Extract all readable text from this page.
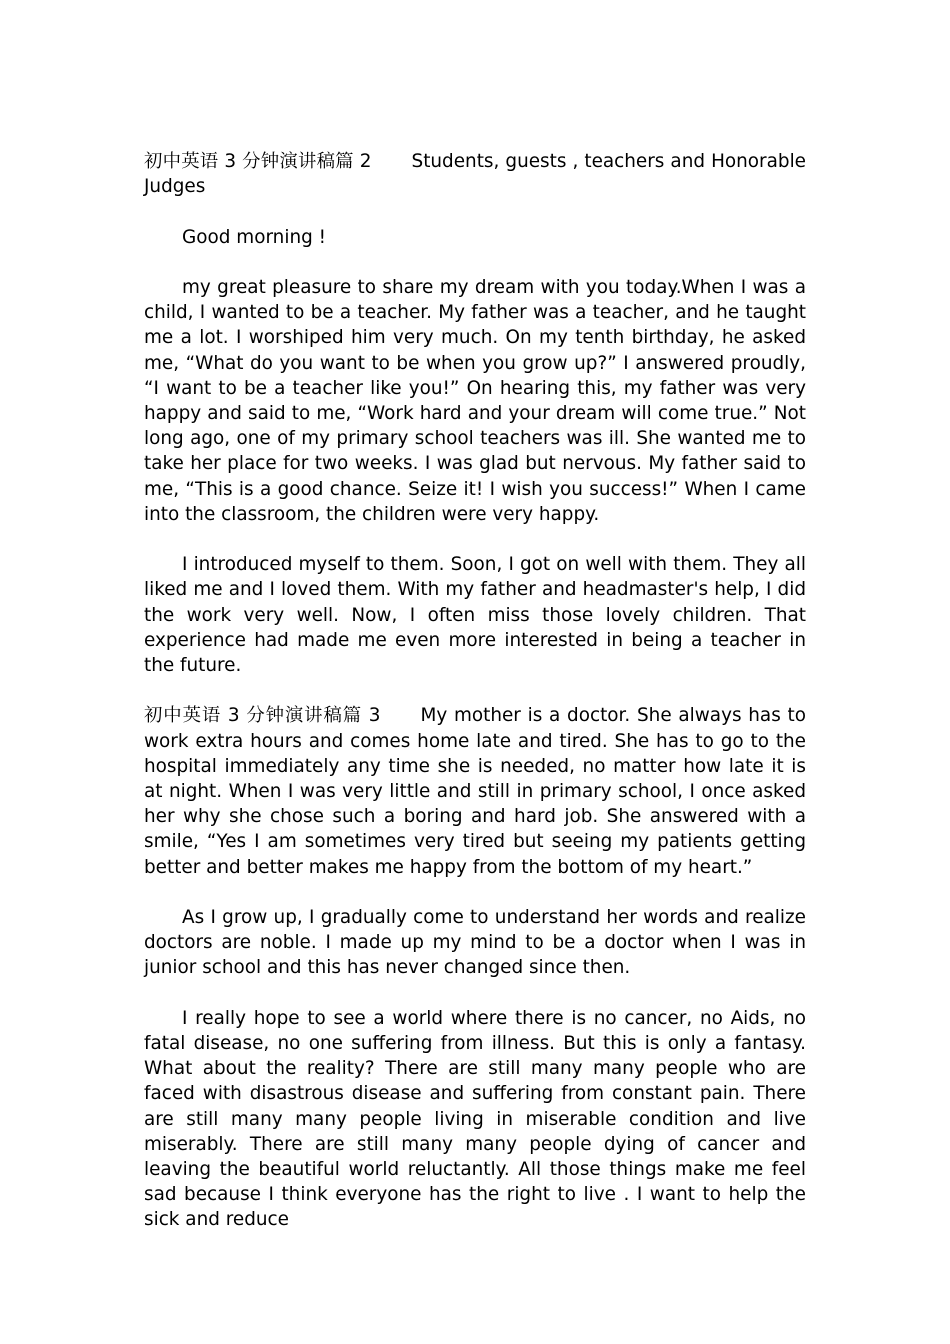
初中英语 3 分钟演讲稿篇 2 Students, guests , teachers and Honorable Judges

Good morning !

my great pleasure to share my dream with you today.When I was a child, I wanted to be a teacher. My father was a teacher, and he taught me a lot. I worshiped him very much. On my tenth birthday, he asked me, “What do you want to be when you grow up?” I answered proudly, “I want to be a teacher like you!” On hearing this, my father was very happy and said to me, “Work hard and your dream will come true.” Not long ago, one of my primary school teachers was ill. She wanted me to take her place for two weeks. I was glad but nervous. My father said to me, “This is a good chance. Seize it! I wish you success!” When I came into the classroom, the children were very happy.

I introduced myself to them. Soon, I got on well with them. They all liked me and I loved them. With my father and headmaster's help, I did the work very well. Now, I often miss those lovely children. That experience had made me even more interested in being a teacher in the future.

初中英语 3 分钟演讲稿篇 3 My mother is a doctor. She always has to work extra hours and comes home late and tired. She has to go to the hospital immediately any time she is needed, no matter how late it is at night. When I was very little and still in primary school, I once asked her why she chose such a boring and hard job. She answered with a smile, “Yes I am sometimes very tired but seeing my patients getting better and better makes me happy from the bottom of my heart.”

As I grow up, I gradually come to understand her words and realize doctors are noble. I made up my mind to be a doctor when I was in junior school and this has never changed since then.

I really hope to see a world where there is no cancer, no Aids, no fatal disease, no one suffering from illness. But this is only a fantasy. What about the reality? There are still many many people who are faced with disastrous disease and suffering from constant pain. There are still many many people living in miserable condition and live miserably. There are still many many people dying of cancer and leaving the beautiful world reluctantly. All those things make me feel sad because I think everyone has the right to live . I want to help the sick and reduce
